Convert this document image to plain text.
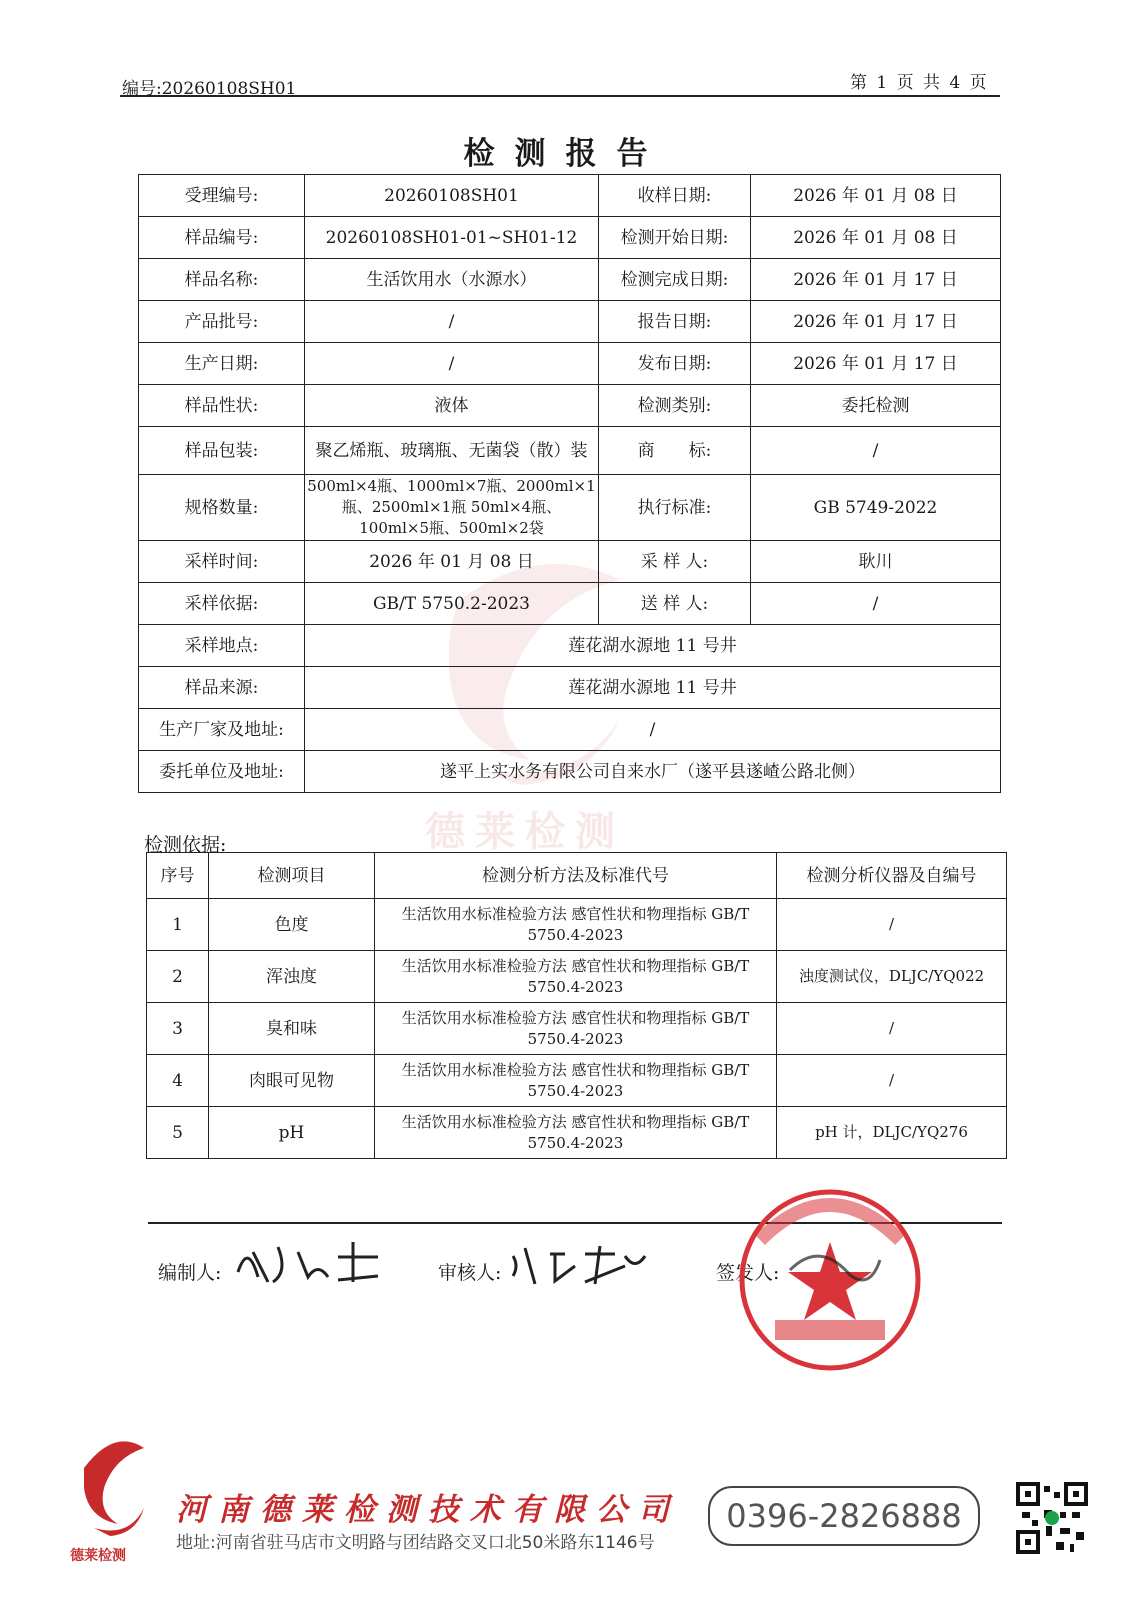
编号:20260108SH01	第 1 页 共 4 页
检测报告
德莱检测
受理编号:	20260108SH01	收样日期:	2026 年 01 月 08 日
样品编号:	20260108SH01-01~SH01-12	检测开始日期:	2026 年 01 月 08 日
样品名称:	生活饮用水（水源水）	检测完成日期:	2026 年 01 月 17 日
产品批号:	/	报告日期:	2026 年 01 月 17 日
生产日期:	/	发布日期:	2026 年 01 月 17 日
样品性状:	液体	检测类别:	委托检测
样品包装:	聚乙烯瓶、玻璃瓶、无菌袋（散）装	商　　标:	/
规格数量:	500ml×4瓶、1000ml×7瓶、2000ml×1瓶、2500ml×1瓶 50ml×4瓶、100ml×5瓶、500ml×2袋	执行标准:	GB 5749-2022
采样时间:	2026 年 01 月 08 日	采 样 人:	耿川
采样依据:	GB/T 5750.2-2023	送 样 人:	/
采样地点:	莲花湖水源地 11 号井		
样品来源:	莲花湖水源地 11 号井		
生产厂家及地址:	/		
委托单位及地址:	遂平上实水务有限公司自来水厂（遂平县遂嵖公路北侧）		
检测依据:
序号	检测项目	检测分析方法及标准代号	检测分析仪器及自编号
1	色度	生活饮用水标准检验方法 感官性状和物理指标 GB/T 5750.4-2023	/
2	浑浊度	生活饮用水标准检验方法 感官性状和物理指标 GB/T 5750.4-2023	浊度测试仪，DLJC/YQ022
3	臭和味	生活饮用水标准检验方法 感官性状和物理指标 GB/T 5750.4-2023	/
4	肉眼可见物	生活饮用水标准检验方法 感官性状和物理指标 GB/T 5750.4-2023	/
5	pH	生活饮用水标准检验方法 感官性状和物理指标 GB/T 5750.4-2023	pH 计，DLJC/YQ276
编制人:	审核人:	签发人:
德莱检测
河南德莱检测技术有限公司
地址:河南省驻马店市文明路与团结路交叉口北50米路东1146号
0396-2826888
